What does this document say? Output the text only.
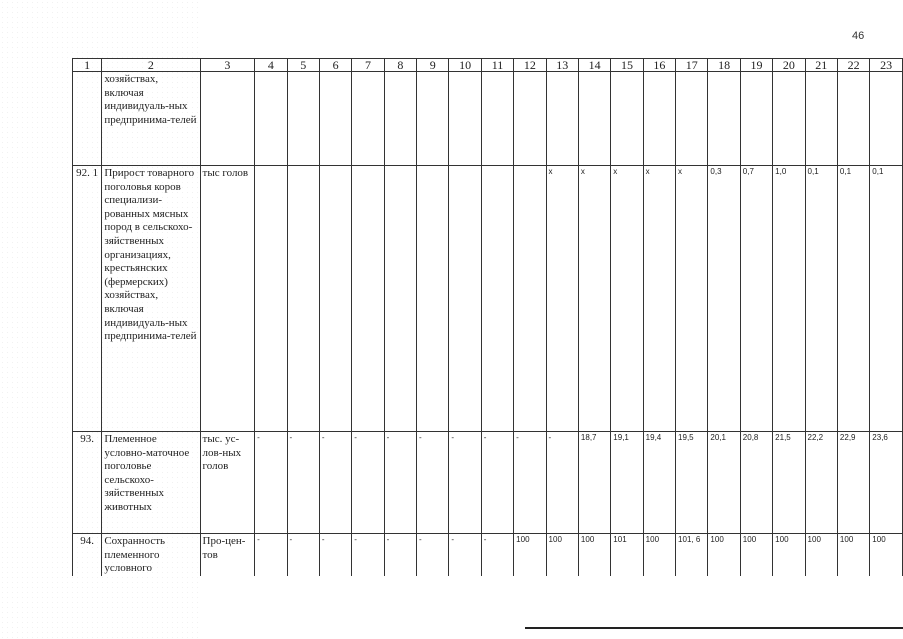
46
1	2	3	4	5	6	7	8	9	10	11	12	13	14	15	16	17	18	19	20	21	22	23
	хозяйствах, включая индивидуаль-ных предпринима-телей																					
92. 1	Прирост товарного поголовья коров специализи-рованных мясных пород в сельскохо-зяйственных организациях, крестьянских (фермерских) хозяйствах, включая индивидуаль-ных предпринима-телей	тыс голов										x	x	x	x	x	0,3	0,7	1,0	0,1	0,1	0,1
93.	Племенное условно-маточное поголовье сельскохо-зяйственных животных	тыс. ус-лов-ных голов	-	-	-	-	-	-	-	-	-	-	18,7	19,1	19,4	19,5	20,1	20,8	21,5	22,2	22,9	23,6
94.	Сохранность племенного условного	Про-цен-тов	-	-	-	-	-	-	-	-	100	100	100	101	100	101, 6	100	100	100	100	100	100
